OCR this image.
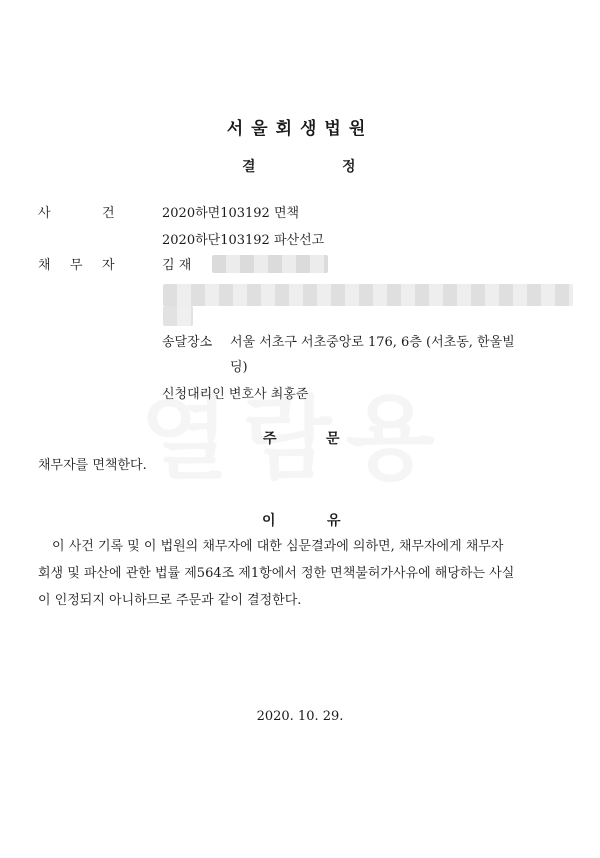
서울회생법원
결	정
사	건	2020하면103192 면책
2020하단103192 파산선고
채 무 자	김 재
송달장소 서울 서초구 서초중앙로 176, 6층 (서초동, 한울빌
딩)
신청대리인 변호사 최홍준
주	문
채무자를 면책한다.
이	유
이 사건 기록 및 이 법원의 채무자에 대한 심문결과에 의하면, 채무자에게 채무자
회생 및 파산에 관한 법률 제564조 제1항에서 정한 면책불허가사유에 해당하는 사실
이 인정되지 아니하므로 주문과 같이 결정한다.
2020. 10. 29.
